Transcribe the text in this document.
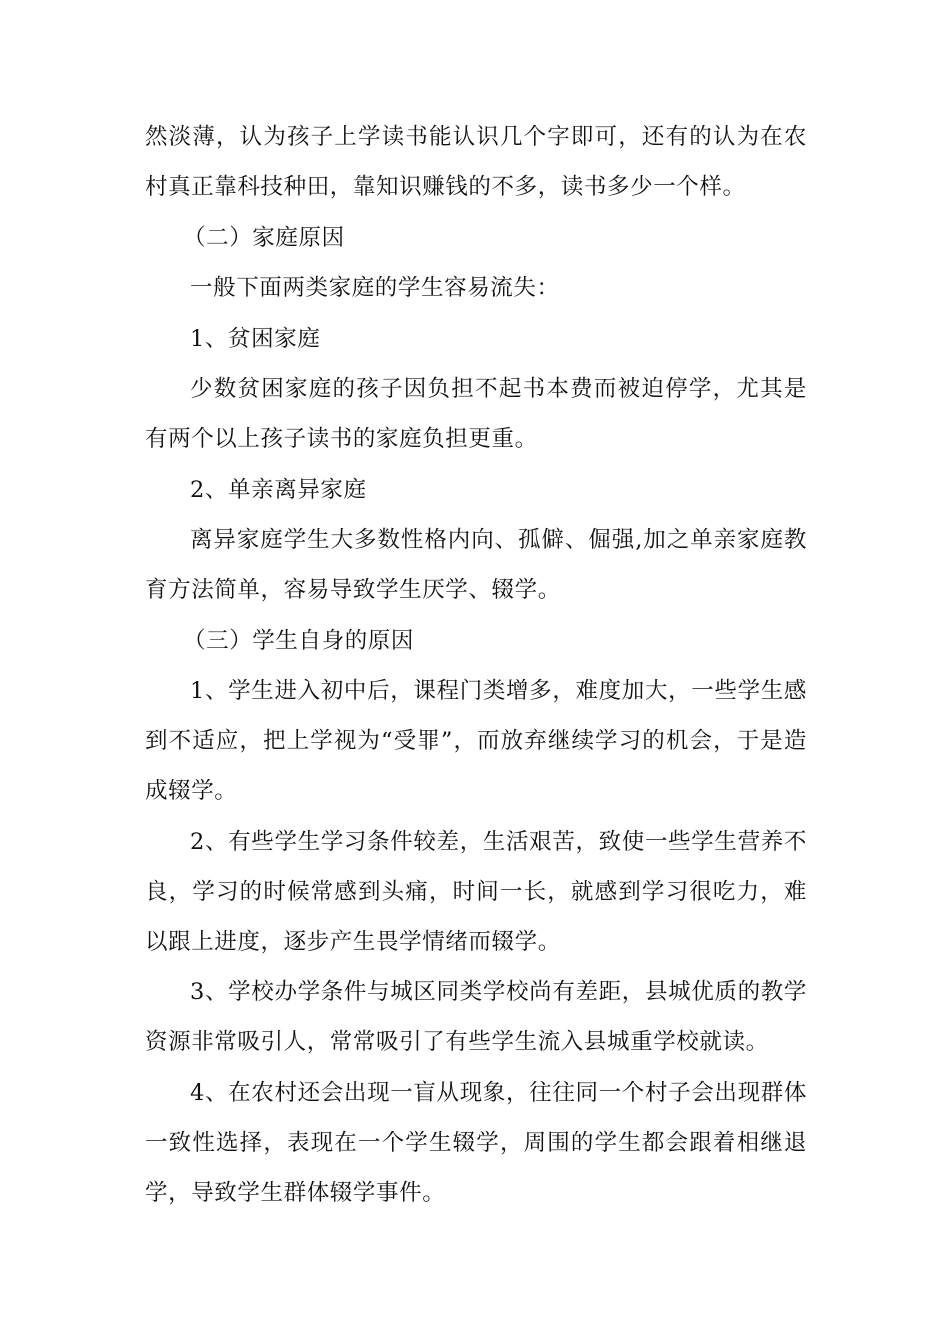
然淡薄，认为孩子上学读书能认识几个字即可，还有的认为在农村真正靠科技种田，靠知识赚钱的不多，读书多少一个样。

（二）家庭原因

一般下面两类家庭的学生容易流失：

1、贫困家庭

少数贫困家庭的孩子因负担不起书本费而被迫停学，尤其是有两个以上孩子读书的家庭负担更重。

2、单亲离异家庭

离异家庭学生大多数性格内向、孤僻、倔强,加之单亲家庭教育方法简单，容易导致学生厌学、辍学。

（三）学生自身的原因

1、学生进入初中后，课程门类增多，难度加大，一些学生感到不适应，把上学视为“受罪”，而放弃继续学习的机会，于是造成辍学。

2、有些学生学习条件较差，生活艰苦，致使一些学生营养不良，学习的时候常感到头痛，时间一长，就感到学习很吃力，难以跟上进度，逐步产生畏学情绪而辍学。

3、学校办学条件与城区同类学校尚有差距，县城优质的教学资源非常吸引人，常常吸引了有些学生流入县城重学校就读。

4、在农村还会出现一盲从现象，往往同一个村子会出现群体一致性选择，表现在一个学生辍学，周围的学生都会跟着相继退学，导致学生群体辍学事件。
